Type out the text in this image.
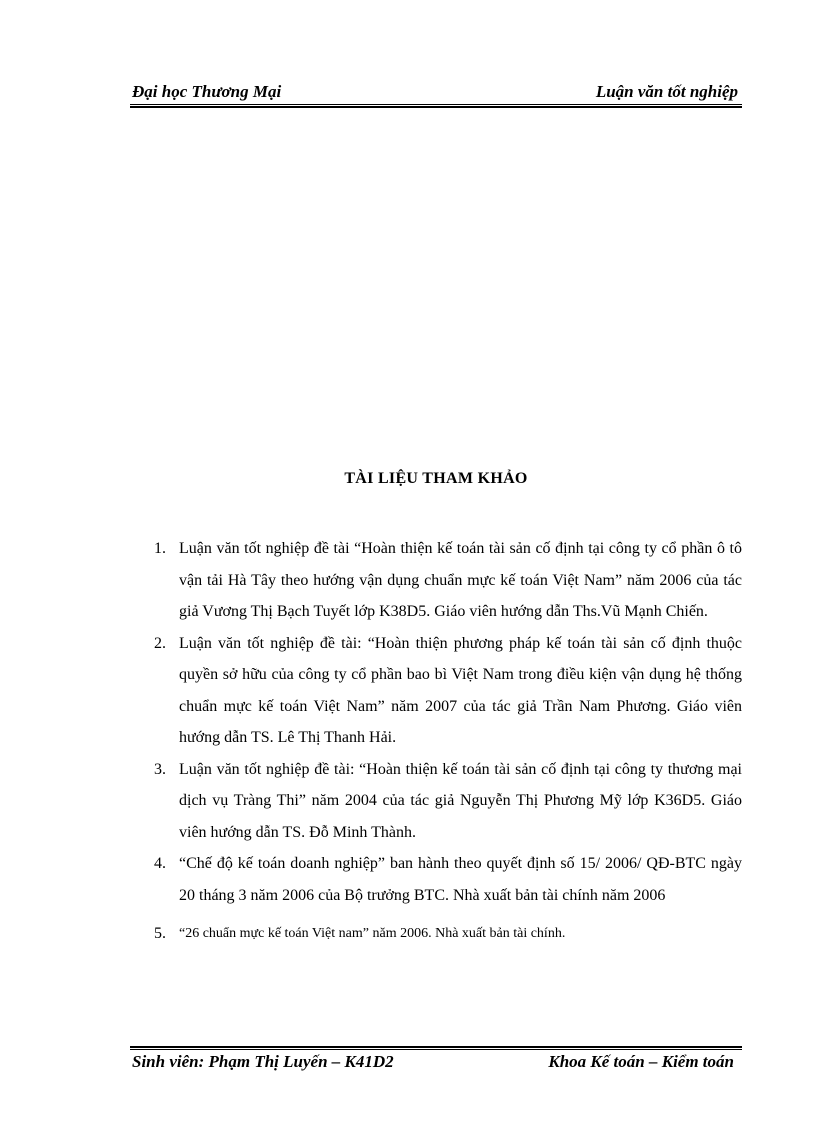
Đại học Thương Mại	Luận văn tốt nghiệp
TÀI LIỆU THAM KHẢO
1. Luận văn tốt nghiệp đề tài “Hoàn thiện kế toán tài sản cố định tại công ty cổ phần ô tô vận tải Hà Tây theo hướng vận dụng chuẩn mực kế toán Việt Nam” năm 2006 của tác giả Vương Thị Bạch Tuyết lớp K38D5. Giáo viên hướng dẫn Ths.Vũ Mạnh Chiến.
2. Luận văn tốt nghiệp đề tài: “Hoàn thiện phương pháp kế toán tài sản cố định thuộc quyền sở hữu của công ty cổ phần bao bì Việt Nam trong điều kiện vận dụng hệ thống chuẩn mực kế toán Việt Nam” năm 2007 của tác giả Trần Nam Phương. Giáo viên hướng dẫn TS. Lê Thị Thanh Hải.
3. Luận văn tốt nghiệp đề tài: “Hoàn thiện kế toán tài sản cố định tại công ty thương mại dịch vụ Tràng Thi” năm 2004 của tác giả Nguyễn Thị Phương Mỹ lớp K36D5. Giáo viên hướng dẫn TS. Đỗ Minh Thành.
4. “Chế độ kế toán doanh nghiệp” ban hành theo quyết định số 15/ 2006/ QĐ-BTC ngày 20 tháng 3 năm 2006 của Bộ trưởng BTC. Nhà xuất bản tài chính năm 2006
5. “26 chuẩn mực kế toán Việt nam” năm 2006. Nhà xuất bản tài chính.
Sinh viên: Phạm Thị Luyến – K41D2	Khoa Kế toán – Kiểm toán
